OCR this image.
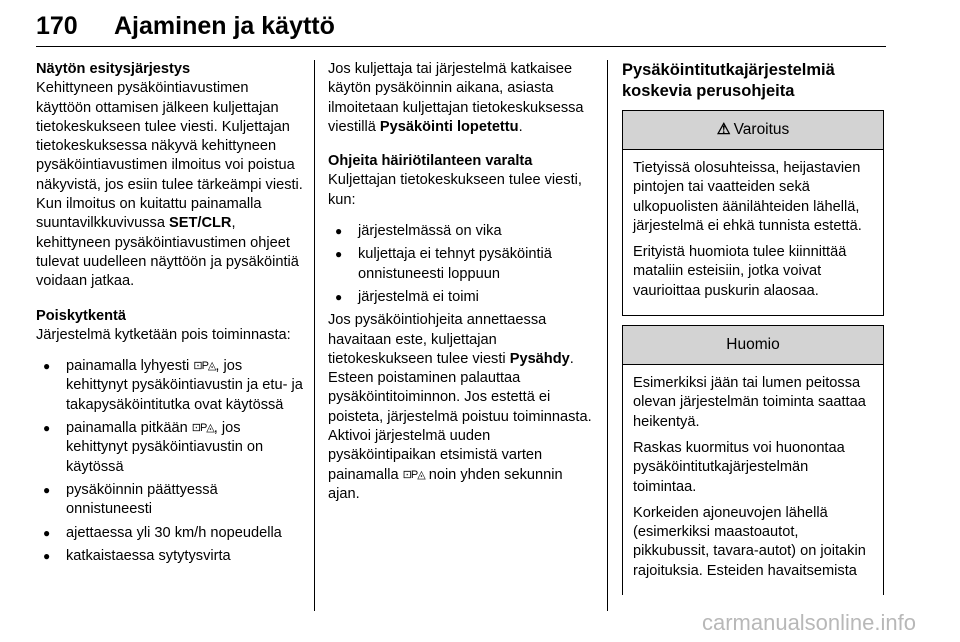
170 Ajaminen ja käyttö

Näytön esitysjärjestys
Kehittyneen pysäköintiavustimen käyttöön ottamisen jälkeen kuljettajan tietokeskukseen tulee viesti. Kuljettajan tietokeskuksessa näkyvä kehittyneen pysäköintiavustimen ilmoitus voi poistua näkyvistä, jos esiin tulee tärkeämpi viesti. Kun ilmoitus on kuitattu painamalla suuntavilkkuvivussa SET/CLR, kehittyneen pysäköintiavustimen ohjeet tulevat uudelleen näyttöön ja pysäköintiä voidaan jatkaa.

Poiskytkentä
Järjestelmä kytketään pois toiminnasta:
● painamalla lyhyesti ⊡P◬, jos kehittynyt pysäköintiavustin ja etu- ja takapysäköintitutka ovat käytössä
● painamalla pitkään ⊡P◬, jos kehittynyt pysäköintiavustin on käytössä
● pysäköinnin päättyessä onnistuneesti
● ajettaessa yli 30 km/h nopeudella
● katkaistaessa sytytysvirta

Jos kuljettaja tai järjestelmä katkaisee käytön pysäköinnin aikana, asiasta ilmoitetaan kuljettajan tietokeskuksessa viestillä Pysäköinti lopetettu.

Ohjeita häiriötilanteen varalta
Kuljettajan tietokeskukseen tulee viesti, kun:
● järjestelmässä on vika
● kuljettaja ei tehnyt pysäköintiä onnistuneesti loppuun
● järjestelmä ei toimi

Jos pysäköintiohjeita annettaessa havaitaan este, kuljettajan tietokeskukseen tulee viesti Pysähdy. Esteen poistaminen palauttaa pysäköintitoiminnon. Jos estettä ei poisteta, järjestelmä poistuu toiminnasta. Aktivoi järjestelmä uuden pysäköintipaikan etsimistä varten painamalla ⊡P◬ noin yhden sekunnin ajan.

Pysäköintitutkajärjestelmiä koskevia perusohjeita
⚠ Varoitus

Tietyissä olosuhteissa, heijastavien pintojen tai vaatteiden sekä ulkopuolisten äänilähteiden lähellä, järjestelmä ei ehkä tunnista estettä.

Erityistä huomiota tulee kiinnittää mataliin esteisiin, jotka voivat vaurioittaa puskurin alaosaa.

Huomio

Esimerkiksi jään tai lumen peitossa olevan järjestelmän toiminta saattaa heikentyä.

Raskas kuormitus voi huonontaa pysäköintitutkajärjestelmän toimintaa.

Korkeiden ajoneuvojen lähellä (esimerkiksi maastoautot, pikkubussit, tavara-autot) on joitakin rajoituksia. Esteiden havaitsemista

carmanualsonline.info
